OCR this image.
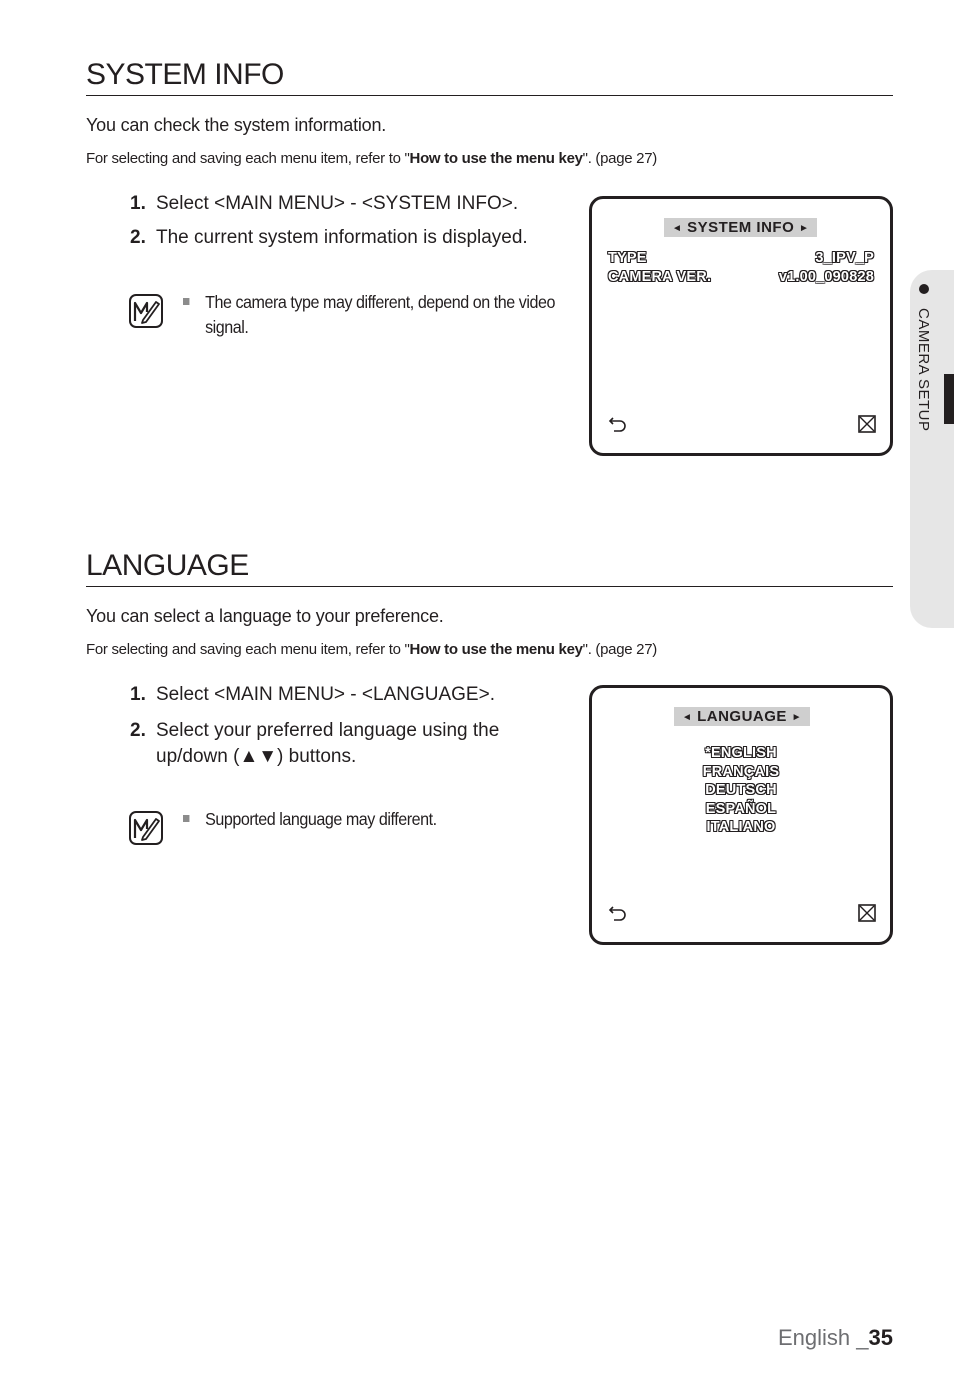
SYSTEM INFO
You can check the system information.
For selecting and saving each menu item, refer to "How to use the menu key". (page 27)
1. Select <MAIN MENU> - <SYSTEM INFO>.
2. The current system information is displayed.
The camera type may different, depend on the video
signal.
◄ SYSTEM INFO ►
TYPE	3_IPV_P
CAMERA VER.	v1.00_090828
LANGUAGE
You can select a language to your preference.
For selecting and saving each menu item, refer to "How to use the menu key". (page 27)
1. Select <MAIN MENU> - <LANGUAGE>.
2. Select your preferred language using the
up/down (▲▼) buttons.
Supported language may different.
◄ LANGUAGE ►
*ENGLISH
FRANÇAIS
DEUTSCH
ESPAÑOL
ITALIANO
CAMERA SETUP
English _35
